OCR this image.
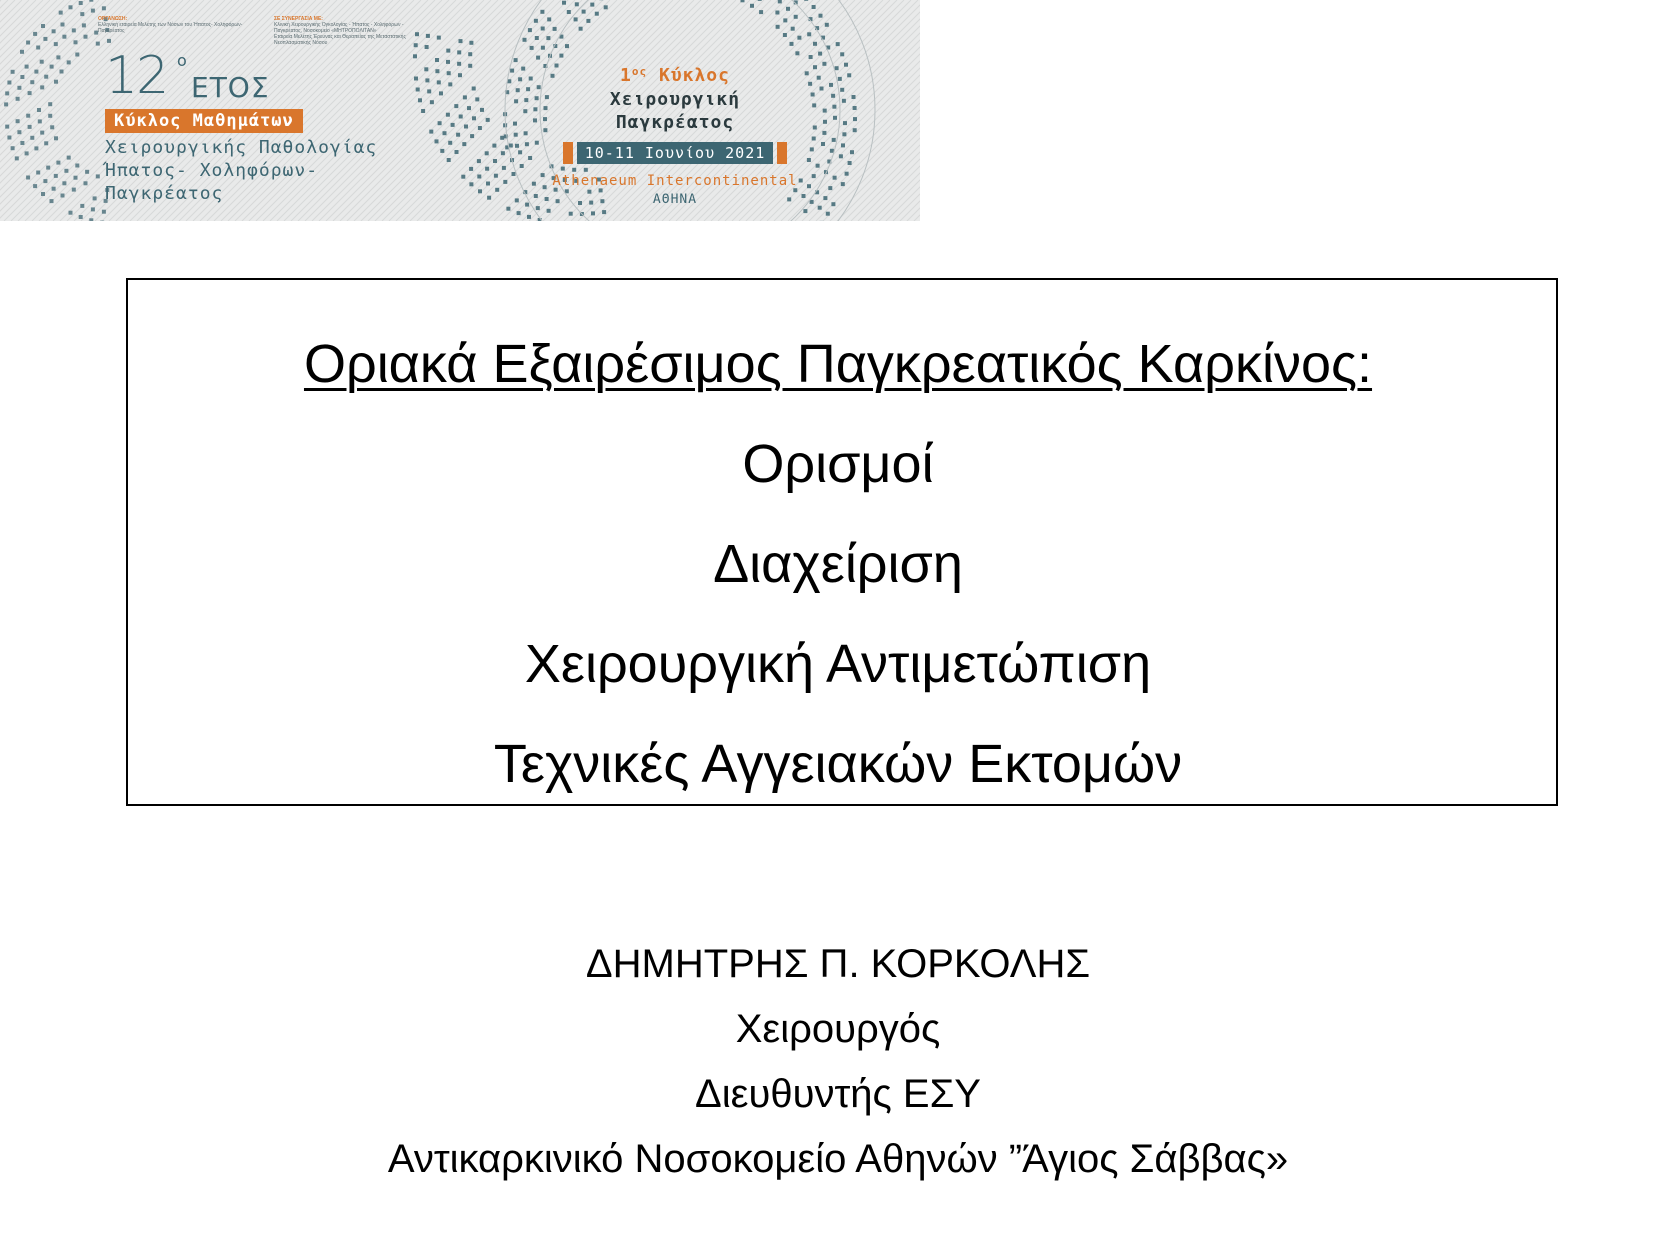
ΟΡΓΑΝΩΣΗ:
Ελληνική εταιρεία Μελέτης των Νόσων του Ήπατος- Χοληφόρων- Παγκρέατος
ΣΕ ΣΥΝΕΡΓΑΣΙΑ ΜΕ:
Κλινική Χειρουργικής Ογκολογίας - Ήπατος - Χοληφόρων - Παγκρέατος, Νοσοκομείο «ΜΗΤΡΟΠΟΛΙΤΑΝ»
Εταιρεία Μελέτης Έρευνας και Θεραπείας της Μεταστατικής Νεοπλασματικής Νόσου
12 ο
ΕΤΟΣ
Κύκλος Μαθημάτων
Χειρουργικής Παθολογίας
Ήπατος- Χοληφόρων-
Παγκρέατος
$1^{o\varsigma}$ Κύκλος
Χειρουργική
Παγκρέατος
10-11 Ιουνίου 2021
Athenaeum Intercontinental
ΑΘΗΝΑ
Οριακά Εξαιρέσιμος Παγκρεατικός Καρκίνος:
Ορισμοί
Διαχείριση
Χειρουργική Αντιμετώπιση
Τεχνικές Αγγειακών Εκτομών
ΔΗΜΗΤΡΗΣ Π. ΚΟΡΚΟΛΗΣ
Χειρουργός
Διευθυντής ΕΣΥ
Αντικαρκινικό Νοσοκομείο Αθηνών ”Άγιος Σάββας»
